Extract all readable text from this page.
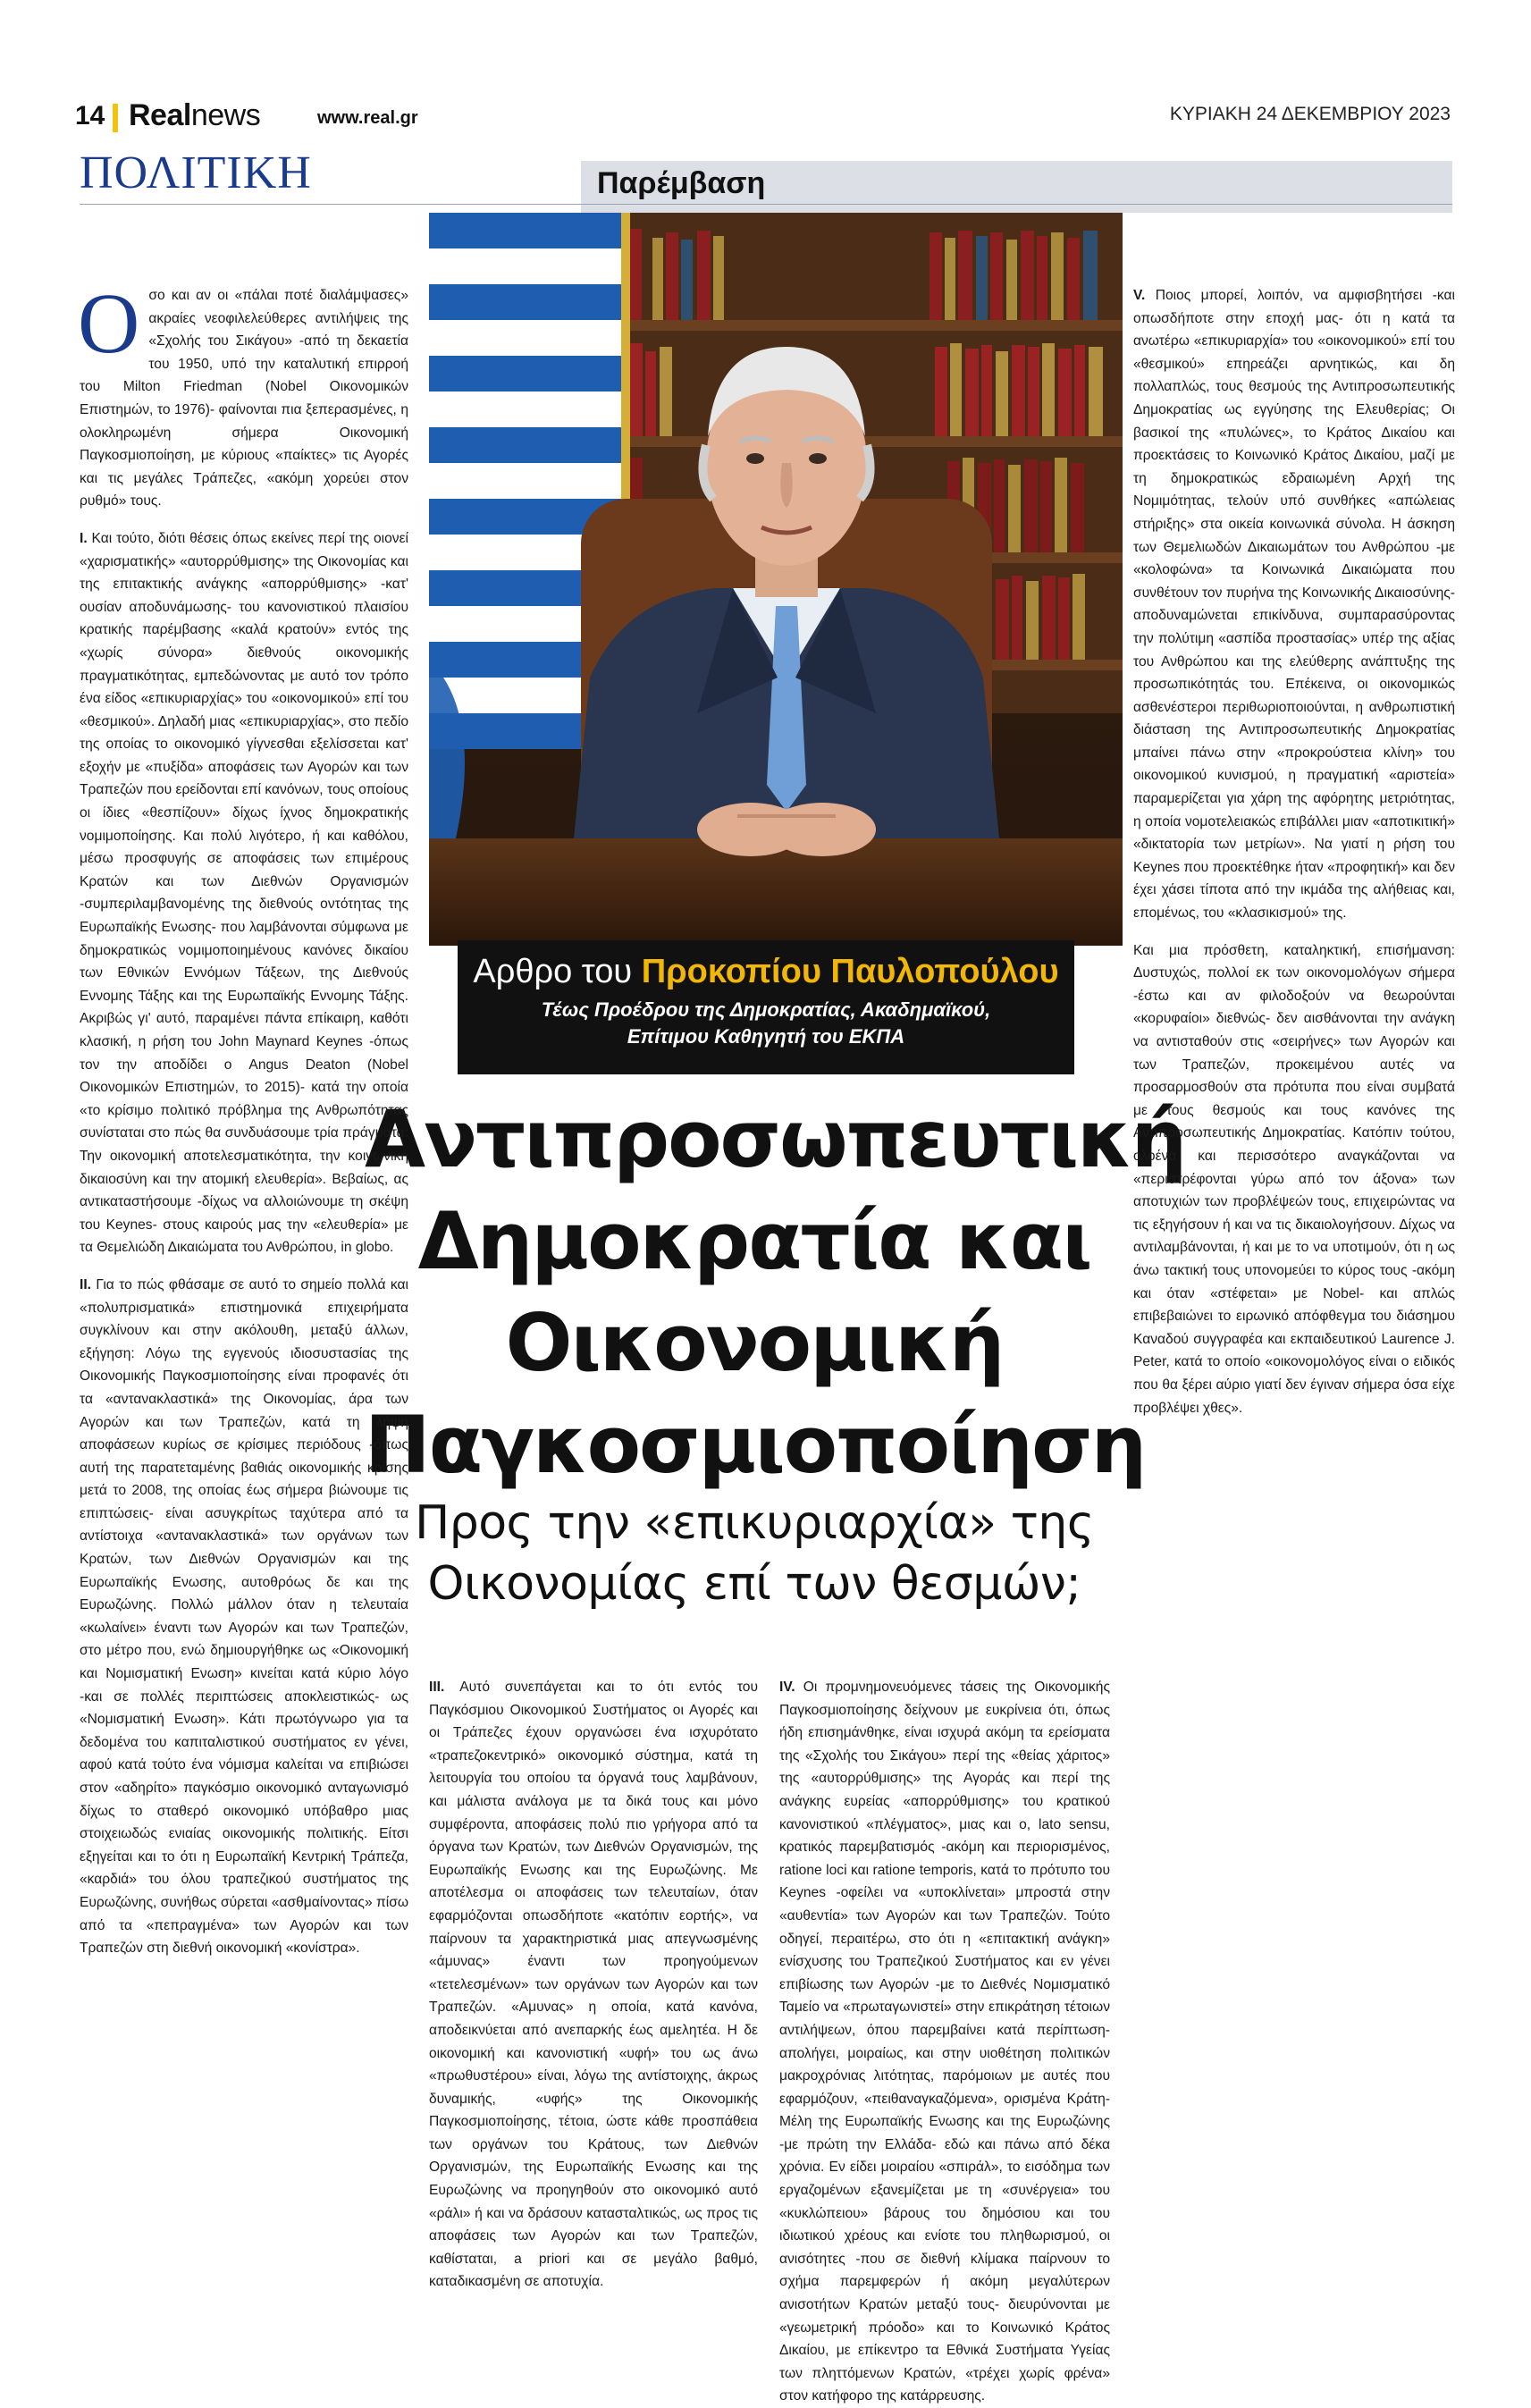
14 Realnews	www.real.gr	ΚΥΡΙΑΚΗ 24 ΔΕΚΕΜΒΡΙΟΥ 2023
ΠΟΛΙΤΙΚΗ	Παρέμβαση
Αρθρο του Προκοπίου Παυλοπούλου
Τέως Προέδρου της Δημοκρατίας, Ακαδημαϊκού,
Επίτιμου Καθηγητή του ΕΚΠΑ
Αντιπροσωπευτική
Δημοκρατία και
Οικονομική
Παγκοσμιοποίηση
Προς την «επικυριαρχία» της
Οικονομίας επί των θεσμών;

Οσο και αν οι «πάλαι ποτέ διαλάμψασες» ακραίες νεοφιλελεύθερες αντιλήψεις της «Σχολής του Σικάγου» -από τη δεκαετία του 1950, υπό την καταλυτική επιρροή του Milton Friedman (Nobel Οικονομικών Επιστημών, το 1976)- φαίνονται πια ξεπερασμένες, η ολοκληρωμένη σήμερα Οικονομική Παγκοσμιοποίηση, με κύριους «παίκτες» τις Αγορές και τις μεγάλες Τράπεζες, «ακόμη χορεύει στον ρυθμό» τους.

I. Και τούτο, διότι θέσεις όπως εκείνες περί της οιονεί «χαρισματικής» «αυτορρύθμισης» της Οικονομίας και της επιτακτικής ανάγκης «απορρύθμισης» -κατ' ουσίαν αποδυνάμωσης- του κανονιστικού πλαισίου κρατικής παρέμβασης «καλά κρατούν» εντός της «χωρίς σύνορα» διεθνούς οικονομικής πραγματικότητας, εμπεδώνοντας με αυτό τον τρόπο ένα είδος «επικυριαρχίας» του «οικονομικού» επί του «θεσμικού». Δηλαδή μιας «επικυριαρχίας», στο πεδίο της οποίας το οικονομικό γίγνεσθαι εξελίσσεται κατ' εξοχήν με «πυξίδα» αποφάσεις των Αγορών και των Τραπεζών που ερείδονται επί κανόνων, τους οποίους οι ίδιες «θεσπίζουν» δίχως ίχνος δημοκρατικής νομιμοποίησης. Και πολύ λιγότερο, ή και καθόλου, μέσω προσφυγής σε αποφάσεις των επιμέρους Κρατών και των Διεθνών Οργανισμών -συμπεριλαμβανομένης της διεθνούς οντότητας της Ευρωπαϊκής Ενωσης- που λαμβάνονται σύμφωνα με δημοκρατικώς νομιμοποιημένους κανόνες δικαίου των Εθνικών Εννόμων Τάξεων, της Διεθνούς Εννομης Τάξης και της Ευρωπαϊκής Εννομης Τάξης. Ακριβώς γι' αυτό, παραμένει πάντα επίκαιρη, καθότι κλασική, η ρήση του John Maynard Keynes -όπως τον την αποδίδει ο Angus Deaton (Nobel Οικονομικών Επιστημών, το 2015)- κατά την οποία «το κρίσιμο πολιτικό πρόβλημα της Ανθρωπότητας συνίσταται στο πώς θα συνδυάσουμε τρία πράγματα: Την οικονομική αποτελεσματικότητα, την κοινωνική δικαιοσύνη και την ατομική ελευθερία». Βεβαίως, ας αντικαταστήσουμε -δίχως να αλλοιώνουμε τη σκέψη του Keynes- στους καιρούς μας την «ελευθερία» με τα Θεμελιώδη Δικαιώματα του Ανθρώπου, in globo.

II. Για το πώς φθάσαμε σε αυτό το σημείο πολλά και «πολυπρισματικά» επιστημονικά επιχειρήματα συγκλίνουν και στην ακόλουθη, μεταξύ άλλων, εξήγηση: Λόγω της εγγενούς ιδιοσυστασίας της Οικονομικής Παγκοσμιοποίησης είναι προφανές ότι τα «αντανακλαστικά» της Οικονομίας, άρα των Αγορών και των Τραπεζών, κατά τη λήψη αποφάσεων κυρίως σε κρίσιμες περιόδους -όπως αυτή της παρατεταμένης βαθιάς οικονομικής κρίσης μετά το 2008, της οποίας έως σήμερα βιώνουμε τις επιπτώσεις- είναι ασυγκρίτως ταχύτερα από τα αντίστοιχα «αντανακλαστικά» των οργάνων των Κρατών, των Διεθνών Οργανισμών και της Ευρωπαϊκής Ενωσης, αυτοθρόως δε και της Ευρωζώνης. Πολλώ μάλλον όταν η τελευταία «κωλαίνει» έναντι των Αγορών και των Τραπεζών, στο μέτρο που, ενώ δημιουργήθηκε ως «Οικονομική και Νομισματική Ενωση» κινείται κατά κύριο λόγο -και σε πολλές περιπτώσεις αποκλειστικώς- ως «Νομισματική Ενωση». Κάτι πρωτόγνωρο για τα δεδομένα του καπιταλιστικού συστήματος εν γένει, αφού κατά τούτο ένα νόμισμα καλείται να επιβιώσει στον «αδηρίτο» παγκόσμιο οικονομικό ανταγωνισμό δίχως το σταθερό οικονομικό υπόβαθρο μιας στοιχειωδώς ενιαίας οικονομικής πολιτικής. Είτσι εξηγείται και το ότι η Ευρωπαϊκή Κεντρική Τράπεζα, «καρδιά» του όλου τραπεζικού συστήματος της Ευρωζώνης, συνήθως σύρεται «ασθμαίνοντας» πίσω από τα «πεπραγμένα» των Αγορών και των Τραπεζών στη διεθνή οικονομική «κονίστρα».

III. Αυτό συνεπάγεται και το ότι εντός του Παγκόσμιου Οικονομικού Συστήματος οι Αγορές και οι Τράπεζες έχουν οργανώσει ένα ισχυρότατο «τραπεζοκεντρικό» οικονομικό σύστημα, κατά τη λειτουργία του οποίου τα όργανά τους λαμβάνουν, και μάλιστα ανάλογα με τα δικά τους και μόνο συμφέροντα, αποφάσεις πολύ πιο γρήγορα από τα όργανα των Κρατών, των Διεθνών Οργανισμών, της Ευρωπαϊκής Ενωσης και της Ευρωζώνης. Με αποτέλεσμα οι αποφάσεις των τελευταίων, όταν εφαρμόζονται οπωσδήποτε «κατόπιν εορτής», να παίρνουν τα χαρακτηριστικά μιας απεγνωσμένης «άμυνας» έναντι των προηγούμενων «τετελεσμένων» των οργάνων των Αγορών και των Τραπεζών. «Αμυνας» η οποία, κατά κανόνα, αποδεικνύεται από ανεπαρκής έως αμελητέα. Η δε οικονομική και κανονιστική «υφή» του ως άνω «πρωθυστέρου» είναι, λόγω της αντίστοιχης, άκρως δυναμικής, «υφής» της Οικονομικής Παγκοσμιοποίησης, τέτοια, ώστε κάθε προσπάθεια των οργάνων του Κράτους, των Διεθνών Οργανισμών, της Ευρωπαϊκής Ενωσης και της Ευρωζώνης να προηγηθούν στο οικονομικό αυτό «ράλι» ή και να δράσουν κατασταλτικώς, ως προς τις αποφάσεις των Αγορών και των Τραπεζών, καθίσταται, a priori και σε μεγάλο βαθμό, καταδικασμένη σε αποτυχία.

IV. Οι προμνημονευόμενες τάσεις της Οικονομικής Παγκοσμιοποίησης δείχνουν με ευκρίνεια ότι, όπως ήδη επισημάνθηκε, είναι ισχυρά ακόμη τα ερείσματα της «Σχολής του Σικάγου» περί της «θείας χάριτος» της «αυτορρύθμισης» της Αγοράς και περί της ανάγκης ευρείας «απορρύθμισης» του κρατικού κανονιστικού «πλέγματος», μιας και ο, lato sensu, κρατικός παρεμβατισμός -ακόμη και περιορισμένος, ratione loci και ratione temporis, κατά το πρότυπο του Keynes -οφείλει να «υποκλίνεται» μπροστά στην «αυθεντία» των Αγορών και των Τραπεζών. Τούτο οδηγεί, περαιτέρω, στο ότι η «επιτακτική ανάγκη» ενίσχυσης του Τραπεζικού Συστήματος και εν γένει επιβίωσης των Αγορών -με το Διεθνές Νομισματικό Ταμείο να «πρωταγωνιστεί» στην επικράτηση τέτοιων αντιλήψεων, όπου παρεμβαίνει κατά περίπτωση- απολήγει, μοιραίως, και στην υιοθέτηση πολιτικών μακροχρόνιας λιτότητας, παρόμοιων με αυτές που εφαρμόζουν, «πειθαναγκαζόμενα», ορισμένα Κράτη-Μέλη της Ευρωπαϊκής Ενωσης και της Ευρωζώνης -με πρώτη την Ελλάδα- εδώ και πάνω από δέκα χρόνια. Εν είδει μοιραίου «σπιράλ», το εισόδημα των εργαζομένων εξανεμίζεται με τη «συνέργεια» του «κυκλώπειου» βάρους του δημόσιου και του ιδιωτικού χρέους και ενίοτε του πληθωρισμού, οι ανισότητες -που σε διεθνή κλίμακα παίρνουν το σχήμα παρεμφερών ή ακόμη μεγαλύτερων ανισοτήτων Κρατών μεταξύ τους- διευρύνονται με «γεωμετρική πρόοδο» και το Κοινωνικό Κράτος Δικαίου, με επίκεντρο τα Εθνικά Συστήματα Υγείας των πληττόμενων Κρατών, «τρέχει χωρίς φρένα» στον κατήφορο της κατάρρευσης.

V. Ποιος μπορεί, λοιπόν, να αμφισβητήσει -και οπωσδήποτε στην εποχή μας- ότι η κατά τα ανωτέρω «επικυριαρχία» του «οικονομικού» επί του «θεσμικού» επηρεάζει αρνητικώς, και δη πολλαπλώς, τους θεσμούς της Αντιπροσωπευτικής Δημοκρατίας ως εγγύησης της Ελευθερίας; Οι βασικοί της «πυλώνες», το Κράτος Δικαίου και προεκτάσεις το Κοινωνικό Κράτος Δικαίου, μαζί με τη δημοκρατικώς εδραιωμένη Αρχή της Νομιμότητας, τελούν υπό συνθήκες «απώλειας στήριξης» στα οικεία κοινωνικά σύνολα. Η άσκηση των Θεμελιωδών Δικαιωμάτων του Ανθρώπου -με «κολοφώνα» τα Κοινωνικά Δικαιώματα που συνθέτουν τον πυρήνα της Κοινωνικής Δικαιοσύνης- αποδυναμώνεται επικίνδυνα, συμπαρασύροντας την πολύτιμη «ασπίδα προστασίας» υπέρ της αξίας του Ανθρώπου και της ελεύθερης ανάπτυξης της προσωπικότητάς του. Επέκεινα, οι οικονομικώς ασθενέστεροι περιθωριοποιούνται, η ανθρωπιστική διάσταση της Αντιπροσωπευτικής Δημοκρατίας μπαίνει πάνω στην «προκρούστεια κλίνη» του οικονομικού κυνισμού, η πραγματική «αριστεία» παραμερίζεται για χάρη της αφόρητης μετριότητας, η οποία νομοτελειακώς επιβάλλει μιαν «αποτικιτική» «δικτατορία των μετρίων». Να γιατί η ρήση του Keynes που προεκτέθηκε ήταν «προφητική» και δεν έχει χάσει τίποτα από την ικμάδα της αλήθειας και, επομένως, του «κλασικισμού» της.

Και μια πρόσθετη, καταληκτική, επισήμανση: Δυστυχώς, πολλοί εκ των οικονομολόγων σήμερα -έστω και αν φιλοδοξούν να θεωρούνται «κορυφαίοι» διεθνώς- δεν αισθάνονται την ανάγκη να αντισταθούν στις «σειρήνες» των Αγορών και των Τραπεζών, προκειμένου αυτές να προσαρμοσθούν στα πρότυπα που είναι συμβατά με τους θεσμούς και τους κανόνες της Αντιπροσωπευτικής Δημοκρατίας. Κατόπιν τούτου, ολοένα και περισσότερο αναγκάζονται να «περιστρέφονται γύρω από τον άξονα» των αποτυχιών των προβλέψεών τους, επιχειρώντας να τις εξηγήσουν ή και να τις δικαιολογήσουν. Δίχως να αντιλαμβάνονται, ή και με το να υποτιμούν, ότι η ως άνω τακτική τους υπονομεύει το κύρος τους -ακόμη και όταν «στέφεται» με Nobel- και απλώς επιβεβαιώνει το ειρωνικό απόφθεγμα του διάσημου Καναδού συγγραφέα και εκπαιδευτικού Laurence J. Peter, κατά το οποίο «οικονομολόγος είναι ο ειδικός που θα ξέρει αύριο γιατί δεν έγιναν σήμερα όσα είχε προβλέψει χθες».
